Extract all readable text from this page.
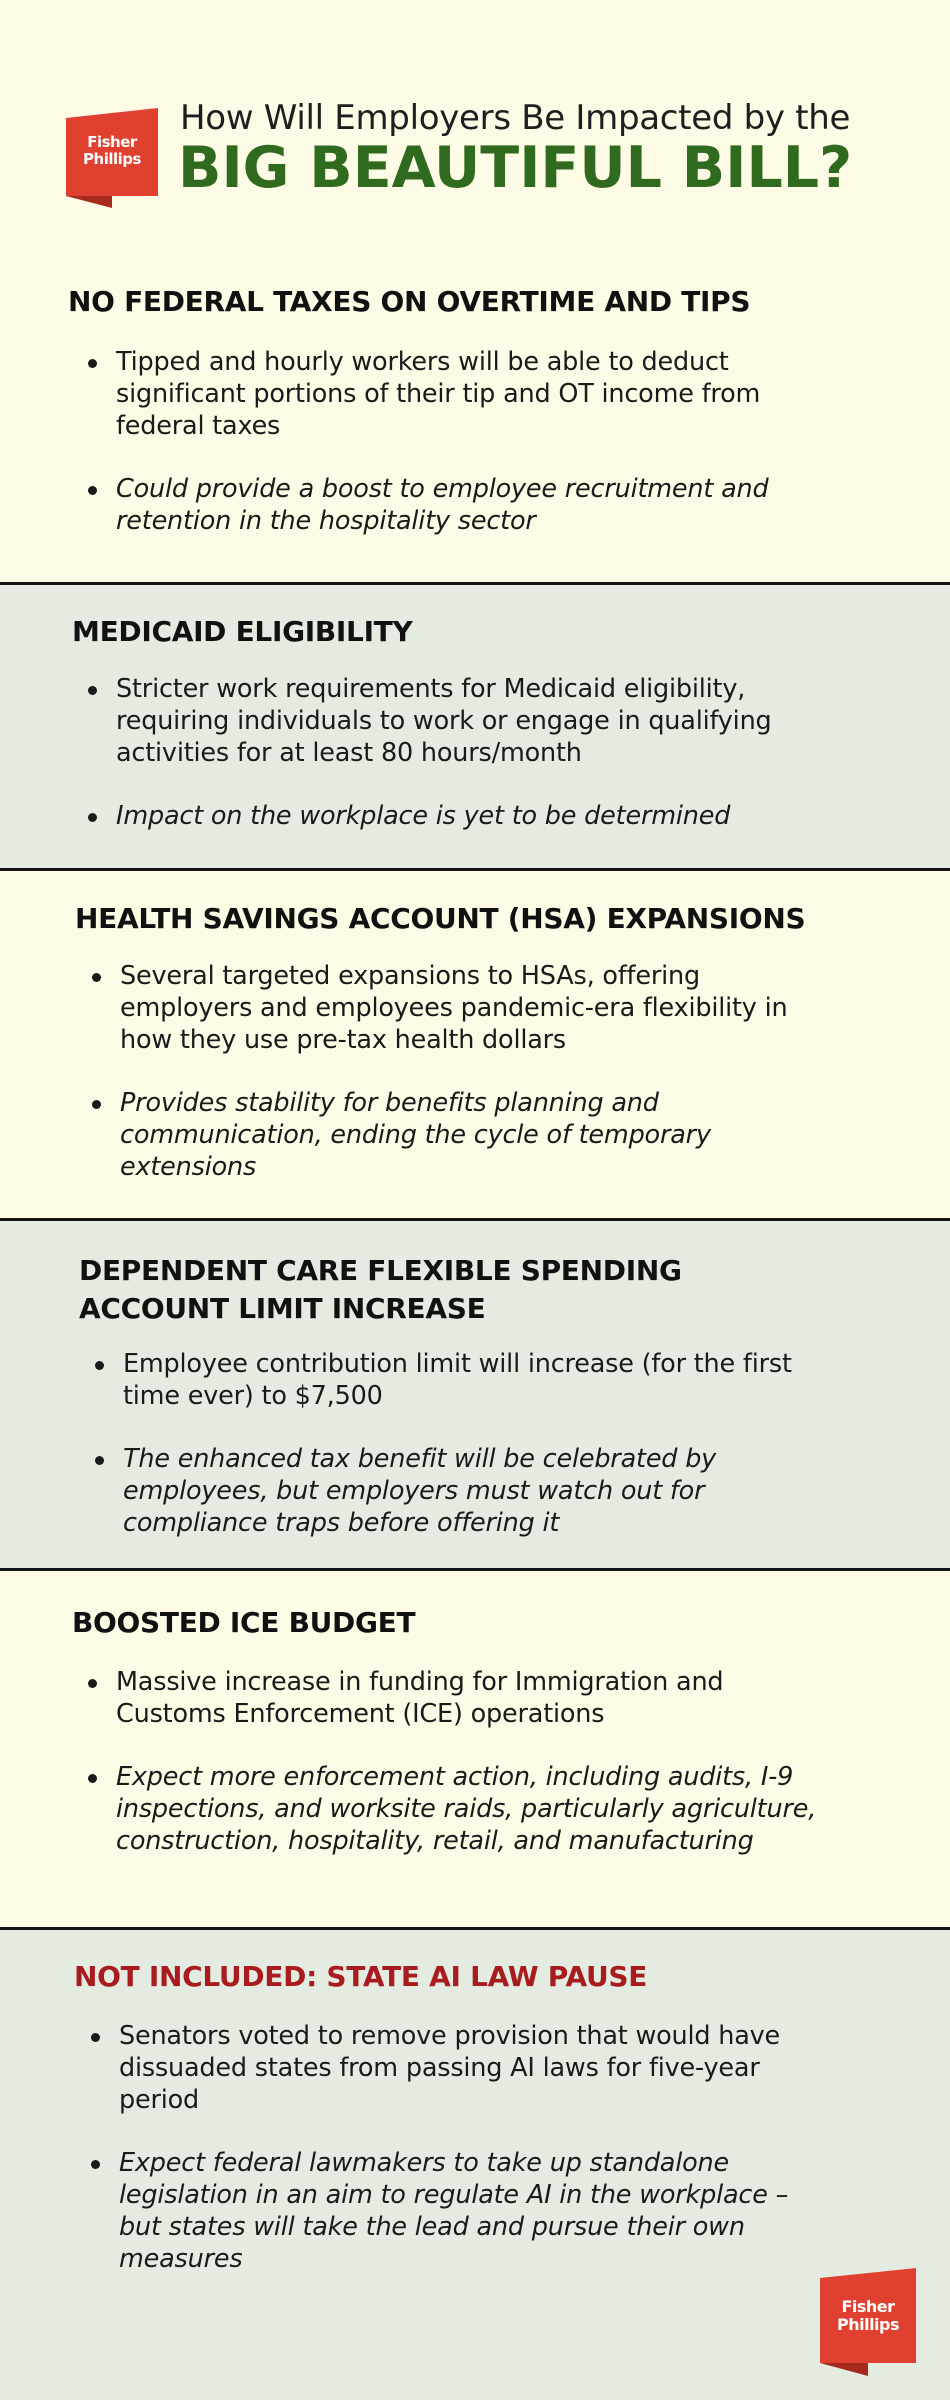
Fisher
Phillips
How Will Employers Be Impacted by the
BIG BEAUTIFUL BILL?
NO FEDERAL TAXES ON OVERTIME AND TIPS
Tipped and hourly workers will be able to deduct significant portions of their tip and OT income from federal taxes
Could provide a boost to employee recruitment and retention in the hospitality sector
MEDICAID ELIGIBILITY
Stricter work requirements for Medicaid eligibility, requiring individuals to work or engage in qualifying activities for at least 80 hours/month
Impact on the workplace is yet to be determined
HEALTH SAVINGS ACCOUNT (HSA) EXPANSIONS
Several targeted expansions to HSAs, offering employers and employees pandemic-era flexibility in how they use pre-tax health dollars
Provides stability for benefits planning and communication, ending the cycle of temporary extensions
DEPENDENT CARE FLEXIBLE SPENDING ACCOUNT LIMIT INCREASE
Employee contribution limit will increase (for the first time ever) to $7,500
The enhanced tax benefit will be celebrated by employees, but employers must watch out for compliance traps before offering it
BOOSTED ICE BUDGET
Massive increase in funding for Immigration and Customs Enforcement (ICE) operations
Expect more enforcement action, including audits, I-9 inspections, and worksite raids, particularly agriculture, construction, hospitality, retail, and manufacturing
NOT INCLUDED: STATE AI LAW PAUSE
Senators voted to remove provision that would have dissuaded states from passing AI laws for five-year period
Expect federal lawmakers to take up standalone legislation in an aim to regulate AI in the workplace – but states will take the lead and pursue their own measures
Fisher
Phillips
